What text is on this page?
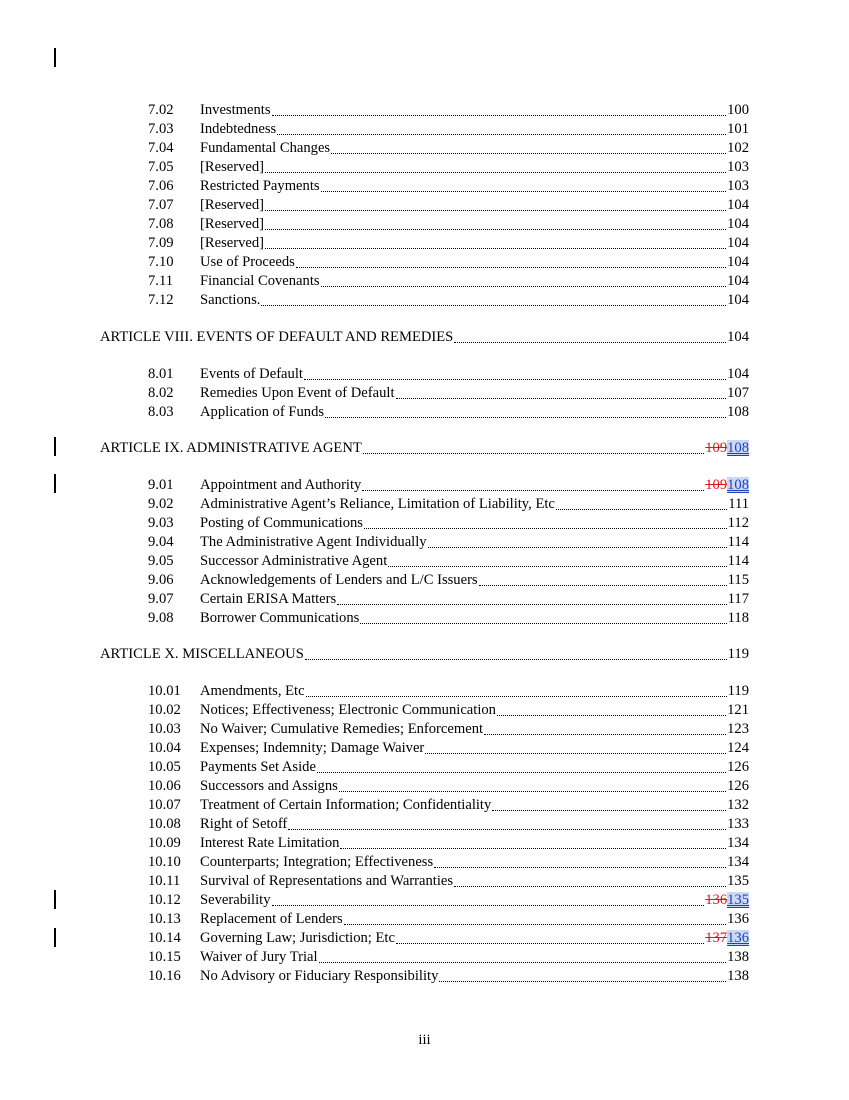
7.02	Investments	100
7.03	Indebtedness	101
7.04	Fundamental Changes	102
7.05	[Reserved]	103
7.06	Restricted Payments	103
7.07	[Reserved]	104
7.08	[Reserved]	104
7.09	[Reserved]	104
7.10	Use of Proceeds	104
7.11	Financial Covenants	104
7.12	Sanctions.	104
ARTICLE VIII. EVENTS OF DEFAULT AND REMEDIES	104
8.01	Events of Default	104
8.02	Remedies Upon Event of Default	107
8.03	Application of Funds	108
ARTICLE IX. ADMINISTRATIVE AGENT	109108
9.01	Appointment and Authority	109108
9.02	Administrative Agent’s Reliance, Limitation of Liability, Etc	111
9.03	Posting of Communications	112
9.04	The Administrative Agent Individually	114
9.05	Successor Administrative Agent	114
9.06	Acknowledgements of Lenders and L/C Issuers	115
9.07	Certain ERISA Matters	117
9.08	Borrower Communications	118
ARTICLE X. MISCELLANEOUS	119
10.01	Amendments, Etc	119
10.02	Notices; Effectiveness; Electronic Communication	121
10.03	No Waiver; Cumulative Remedies; Enforcement	123
10.04	Expenses; Indemnity; Damage Waiver	124
10.05	Payments Set Aside	126
10.06	Successors and Assigns	126
10.07	Treatment of Certain Information; Confidentiality	132
10.08	Right of Setoff	133
10.09	Interest Rate Limitation	134
10.10	Counterparts; Integration; Effectiveness	134
10.11	Survival of Representations and Warranties	135
10.12	Severability	136135
10.13	Replacement of Lenders	136
10.14	Governing Law; Jurisdiction; Etc	137136
10.15	Waiver of Jury Trial	138
10.16	No Advisory or Fiduciary Responsibility	138
iii
